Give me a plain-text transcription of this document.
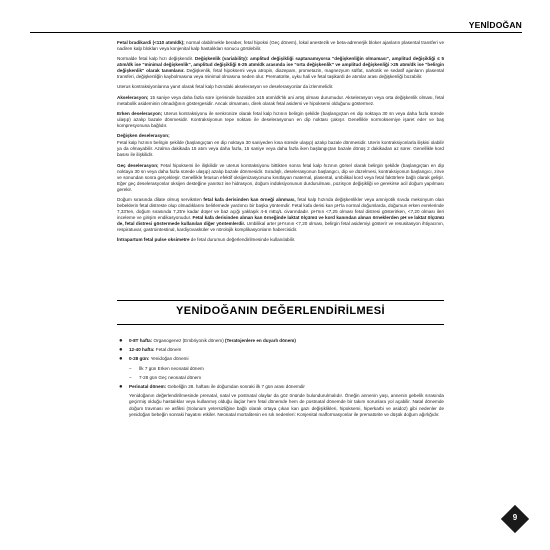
YENİDOĞAN

Fetal bradikardi (<110 atım/dk); normal olabilmekle beraber, fetal hipoksi (Geç dönem), lokal anestezik ve beta-adrenerjik bloker ajanların plasental transferi ve nadiren kalp blokları veya konjenital kalp hastalıkları sonucu görülebilir.

Normalde fetal kalp hızı değişkendir. Değişkenlik (variability): amplitud değişikliği saptanamıyorsa "değişkenliğin olmaması", amplitud değişikliği ≤ 5 atım/dk ise "minimal değişkenlik", amplitud değişikliği 6-25 atım/dk arasında ise "orta değişkenlik" ve amplitud değişkenliği >25 atım/dk ise "belirgin değişkenlik" olarak tanımlanır. Değişkenlik, fetal hipoksemi veya atropin, diazepam, prometazin, magnezyum sülfat, narkotik ve sedatif ajanların plasental transferi, değişkenliğin kaybolmasına veya minimal olmasına neden olur. Prematürite, uyku hali ve fetal taşikardi de atımlar arası değişkenliği bozabilir.

Uterus kontraksiyonlarına yanıt olarak fetal kalp hızındaki akselerasyon ve deselerasyonlar da izlenmelidir.

Akselerasyon; 15 saniye veya daha fazla süre içerisinde bazalden ≥15 atım/dk'lık ani artış olması durumudur. Akselerasyon veya orta değişkenlik olması, fetal metabolik asideminin olmadığının göstergesidir. Ancak olmaması, direk olarak fetal asidemi ve hipoksemi olduğunu göstermez.

Erken deselerasyon; Uterus kontraksiyonu ile senkronize olarak fetal kalp hızının belirgin şekilde (başlangıçtan en dip noktaya 30 sn veya daha fazla sürede ulaşıp) azalıp bazale dönmesidir. Kontraksiyonun tepe noktası ile deselerasyonun en dip noktası çakışır. Genellikle normoksemiye işaret eder ve baş kompresyonuna bağlıdır.

Değişken deselerasyon;

Fetal kalp hızının belirgin şekilde (başlangıçtan en dip noktaya 30 saniyeden kısa sürede ulaşıp) azalıp bazale dönmesidir. Uterin kontraksiyonlarla ilişkisi olabilir ya da olmayabilir. Azalma dakikada 15 atım veya daha fazla, 15 saniye veya daha fazla iken başlangıçtan bazale dönüş 2 dakikadan az sürer. Genellikle kord basısı ile ilişkilidir.

Geç deselerasyon; Fetal hipoksemi ile ilişkilidir ve uterus kontraksiyonu bittikten sonra fetal kalp hızının görsel olarak belirgin şekilde (başlangıçtan en dip noktaya 30 sn veya daha fazla sürede ulaşıp) azalıp bazale dönmesidir. Sıradışlı, deselerasyonun başlangıcı, dip ve düzelmesi, kontraksiyonun başlangıcı, zirve ve sonundan sonra gerçekleşir. Genellikle fetusun efektif oksijenizasyonunu kısıtlayan maternal, plasental, umbilikal kord veya fetal faktörlere bağlı olarak gelişir. Eğer geç deselerasyonlar oksijen desteğine yanıtsız ise hidrasyon, doğum indüksiyonunun durdurulması, pozisyon değişikliği ve gerekirse acil doğum yapılması gerekir.

Doğum sırasında dilate olmuş serviksten fetal kafa derisinden kan örneği alınması, fetal kalp hızında değişkenlikler veya amniyotik sıvıda mekonyum olan bebeklerin fetal distreste olup olmadıklarını belirlemede yardımcı bir başka yöntemdir. Fetal kafa derisi kan pH'la normal doğumlarda, doğumun erken evrelerinde 7,33'ten, doğum sırasında 7,25'e kadar düşer ve baz açığı yaklaşık 4-6 mEq/L civarındadır. pH'nın <7,25 olması fetal distresi gösterirken, <7,20 olması ileri inceleme ve girişim endikasyonudur. Fetal kafa derisinden alınan kan örneğinde laktat ölçümü ve kord kanından alınan örneklerden pH ve laktat ölçümü de, fetal distresi göstermede kullanılan diğer yöntemlerdir. Umbilikal arter pH'sının <7,20 olması, belirgin fetal asidemiyi gösterir ve resusitasyon ihtiyacının, respiratuvar, gastrointestinal, kardiyovasküler ve nörolojik komplikasyonların habercisidir.

İntrapartum fetal pulse oksimetre de fetal durumun değerlendirilmesinde kullanılabilir.

YENİDOĞANIN DEĞERLENDİRİLMESİ
● 0-8T hafta: Organogenez (Embriyonik dönem) (Teratojenlere en duyarlı dönem)
● 12-40 hafta: Fetal dönem
● 0-28 gün: Yenidoğan dönemi
– İlk 7 gün Erken neonatal dönem
– 7-28 gün Geç neonatal dönem
● Perinatal dönem: Gebeliğin 28. haftası ile doğumdan sonraki ilk 7 gün arası dönemdir
Yenidoğanın değerlendirilmesinde prenatal, natal ve postnatal olaylar da göz önünde bulundurulmalıdır. Öneğin annenin yaşı, annenin gebelik sırasında geçirmiş olduğu hastalıklar veya kullanmış olduğu ilaçlar hem fetal dönemde hem de postnatal dönemde bir takım sorunlara yol açabilir. Natal dönemde doğum travması ve asfiksi (Solunum yetersizliğine bağlı olarak ortaya çıkan kan gazı değişiklikleri, hipoksemi, hiperkarbi ve asidoz) gibi nedenler de yenidoğan bebeğin sonraki hayatını etkiler. Neonatal mortalitenin en sık nedenleri: Konjenital malformasyonlar ile prematürite ve düşük doğum ağırlığıdır.
9
